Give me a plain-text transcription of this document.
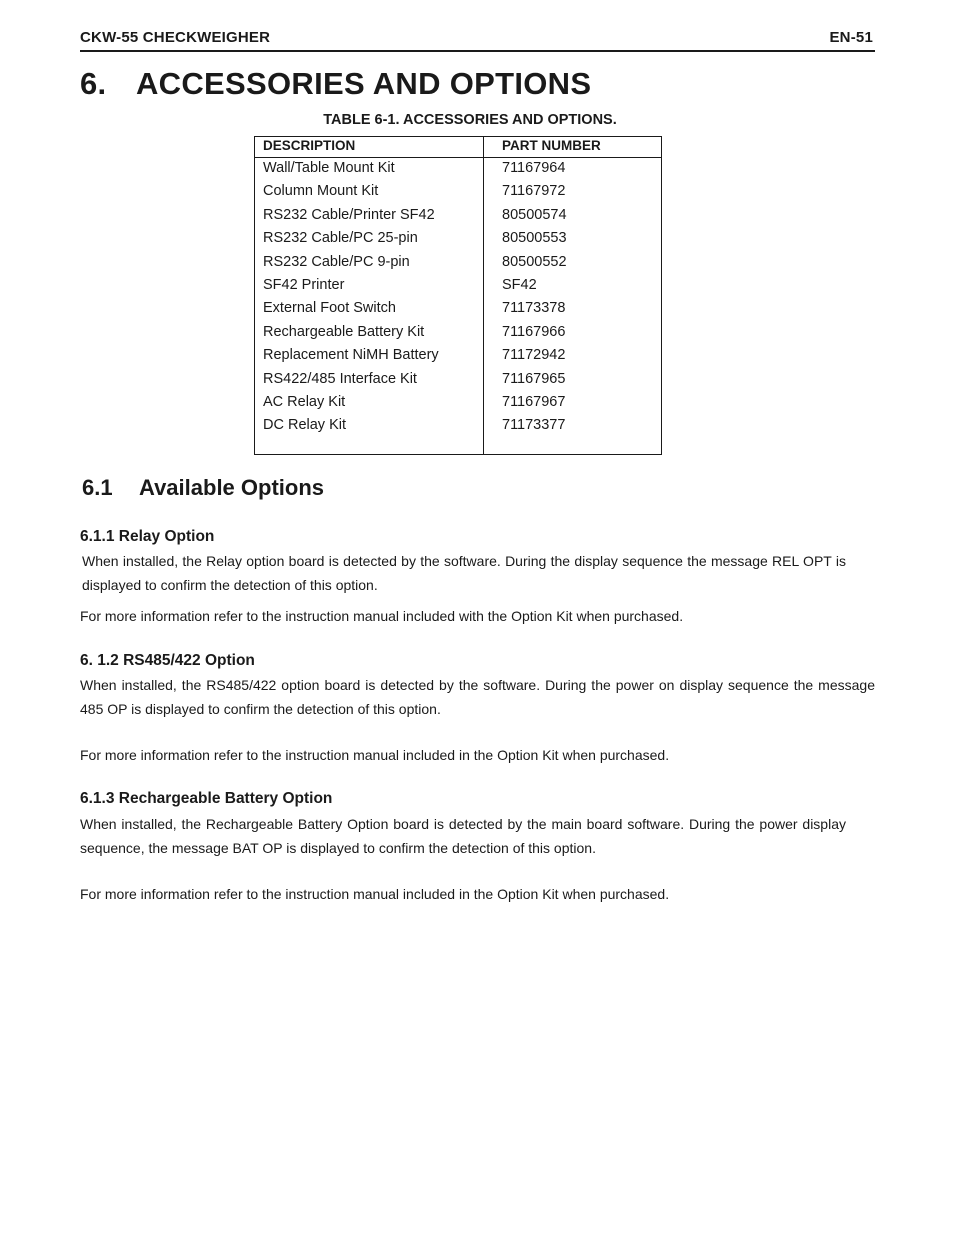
CKW-55 CHECKWEIGHER	EN-51
6. ACCESSORIES AND OPTIONS
TABLE 6-1. ACCESSORIES AND OPTIONS.
DESCRIPTION	PART NUMBER
Wall/Table Mount Kit	71167964
Column Mount Kit	71167972
RS232 Cable/Printer SF42	80500574
RS232 Cable/PC 25-pin	80500553
RS232 Cable/PC 9-pin	80500552
SF42 Printer	SF42
External Foot Switch	71173378
Rechargeable Battery Kit	71167966
Replacement NiMH Battery	71172942
RS422/485 Interface Kit	71167965
AC Relay Kit	71167967
DC Relay Kit	71173377
6.1 Available Options
6.1.1 Relay Option

When installed, the Relay option board is detected by the software. During the display sequence the message REL OPT is displayed to confirm the detection of this option.

For more information refer to the instruction manual included with the Option Kit when purchased.

6. 1.2 RS485/422 Option

When installed, the RS485/422 option board is detected by the software. During the power on display sequence the message 485 OP is displayed to confirm the detection of this option.

For more information refer to the instruction manual included in the Option Kit when purchased.

6.1.3 Rechargeable Battery Option

When installed, the Rechargeable Battery Option board is detected by the main board software. During the power display sequence, the message BAT OP is displayed to confirm the detection of this option.

For more information refer to the instruction manual included in the Option Kit when purchased.
